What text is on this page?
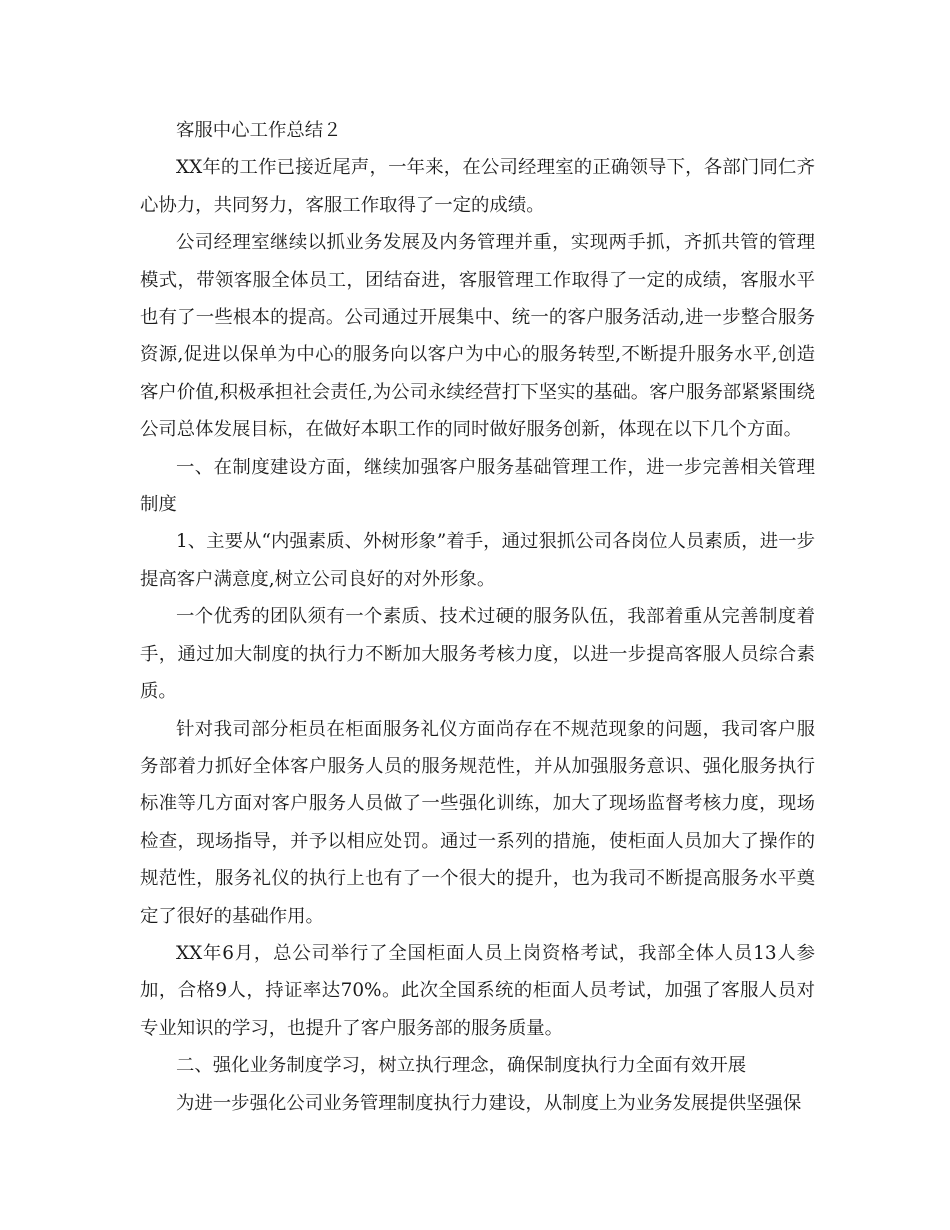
客服中心工作总结２

XX年的工作已接近尾声，一年来，在公司经理室的正确领导下，各部门同仁齐心协力，共同努力，客服工作取得了一定的成绩。

公司经理室继续以抓业务发展及内务管理并重，实现两手抓，齐抓共管的管理模式，带领客服全体员工，团结奋进，客服管理工作取得了一定的成绩，客服水平也有了一些根本的提高。公司通过开展集中、统一的客户服务活动,进一步整合服务资源,促进以保单为中心的服务向以客户为中心的服务转型,不断提升服务水平,创造客户价值,积极承担社会责任,为公司永续经营打下坚实的基础。客户服务部紧紧围绕公司总体发展目标，在做好本职工作的同时做好服务创新，体现在以下几个方面。

一、在制度建设方面，继续加强客户服务基础管理工作，进一步完善相关管理制度

1、主要从“内强素质、外树形象”着手，通过狠抓公司各岗位人员素质，进一步提高客户满意度,树立公司良好的对外形象。

一个优秀的团队须有一个素质、技术过硬的服务队伍，我部着重从完善制度着手，通过加大制度的执行力不断加大服务考核力度，以进一步提高客服人员综合素质。

针对我司部分柜员在柜面服务礼仪方面尚存在不规范现象的问题，我司客户服务部着力抓好全体客户服务人员的服务规范性，并从加强服务意识、强化服务执行标准等几方面对客户服务人员做了一些强化训练，加大了现场监督考核力度，现场检查，现场指导，并予以相应处罚。通过一系列的措施，使柜面人员加大了操作的规范性，服务礼仪的执行上也有了一个很大的提升，也为我司不断提高服务水平奠定了很好的基础作用。

XX年6月，总公司举行了全国柜面人员上岗资格考试，我部全体人员13人参加，合格9人，持证率达70%。此次全国系统的柜面人员考试，加强了客服人员对专业知识的学习，也提升了客户服务部的服务质量。

二、强化业务制度学习，树立执行理念，确保制度执行力全面有效开展

为进一步强化公司业务管理制度执行力建设，从制度上为业务发展提供坚强保
